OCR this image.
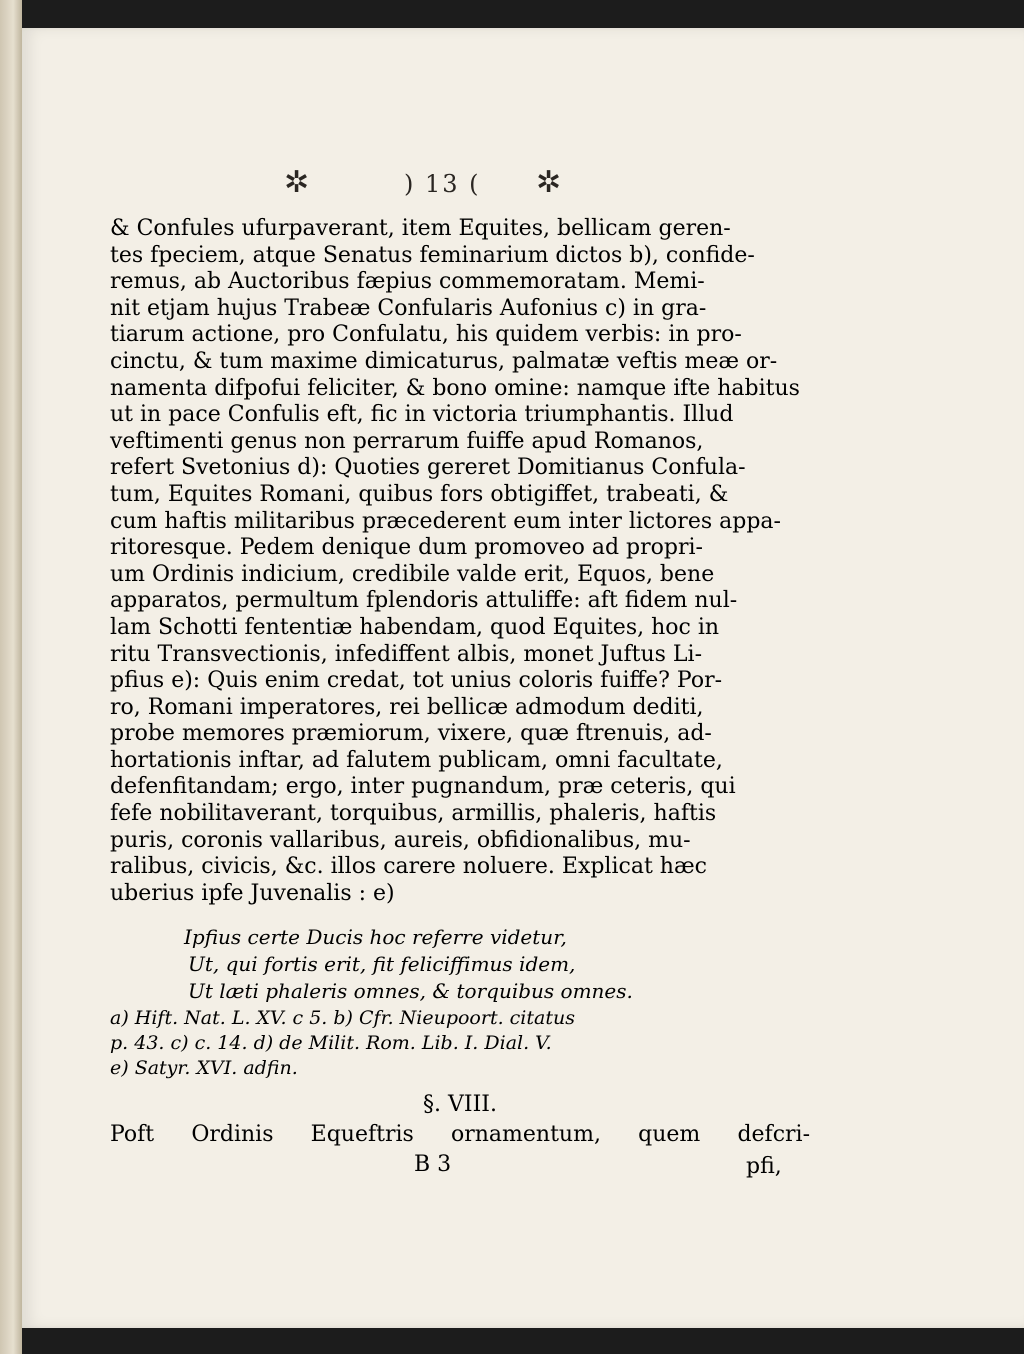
✲	) 13 ( ✲

& Confules ufurpaverant, item Equites, bellicam geren-

tes fpeciem, atque Senatus feminarium dictos b), confide-

remus, ab Auctoribus fæpius commemoratam. Memi-

nit etjam hujus Trabeæ Confularis Aufonius c) in gra-

tiarum actione, pro Confulatu, his quidem verbis: in pro-

cinctu, & tum maxime dimicaturus, palmatæ veftis meæ or-

namenta difpofui feliciter, & bono omine: namque ifte habitus

ut in pace Confulis eft, fic in victoria triumphantis. Illud

veftimenti genus non perrarum fuiffe apud Romanos,

refert Svetonius d): Quoties gereret Domitianus Confula-

tum, Equites Romani, quibus fors obtigiffet, trabeati, &

cum haftis militaribus præcederent eum inter lictores appa-

ritoresque. Pedem denique dum promoveo ad propri-

um Ordinis indicium, credibile valde erit, Equos, bene

apparatos, permultum fplendoris attuliffe: aft fidem nul-

lam Schotti fententiæ habendam, quod Equites, hoc in

ritu Transvectionis, infediffent albis, monet Juftus Li-

pfius e): Quis enim credat, tot unius coloris fuiffe? Por-

ro, Romani imperatores, rei bellicæ admodum dediti,

probe memores præmiorum, vixere, quæ ftrenuis, ad-

hortationis inftar, ad falutem publicam, omni facultate,

defenfitandam; ergo, inter pugnandum, præ ceteris, qui

fefe nobilitaverant, torquibus, armillis, phaleris, haftis

puris, coronis vallaribus, aureis, obfidionalibus, mu-

ralibus, civicis, &c. illos carere noluere. Explicat hæc

uberius ipfe Juvenalis : e)

Ipfius certe Ducis hoc referre videtur,
Ut, qui fortis erit, fit feliciffimus idem,
Ut læti phaleris omnes, & torquibus omnes.
a) Hift. Nat. L. XV. c 5. b) Cfr. Nieupoort. citatus
p. 43. c) c. 14. d) de Milit. Rom. Lib. I. Dial. V.
e) Satyr. XVI. adfin.
§. VIII.
Poft Ordinis Equeftris ornamentum, quem defcri-
B 3	pfi,
